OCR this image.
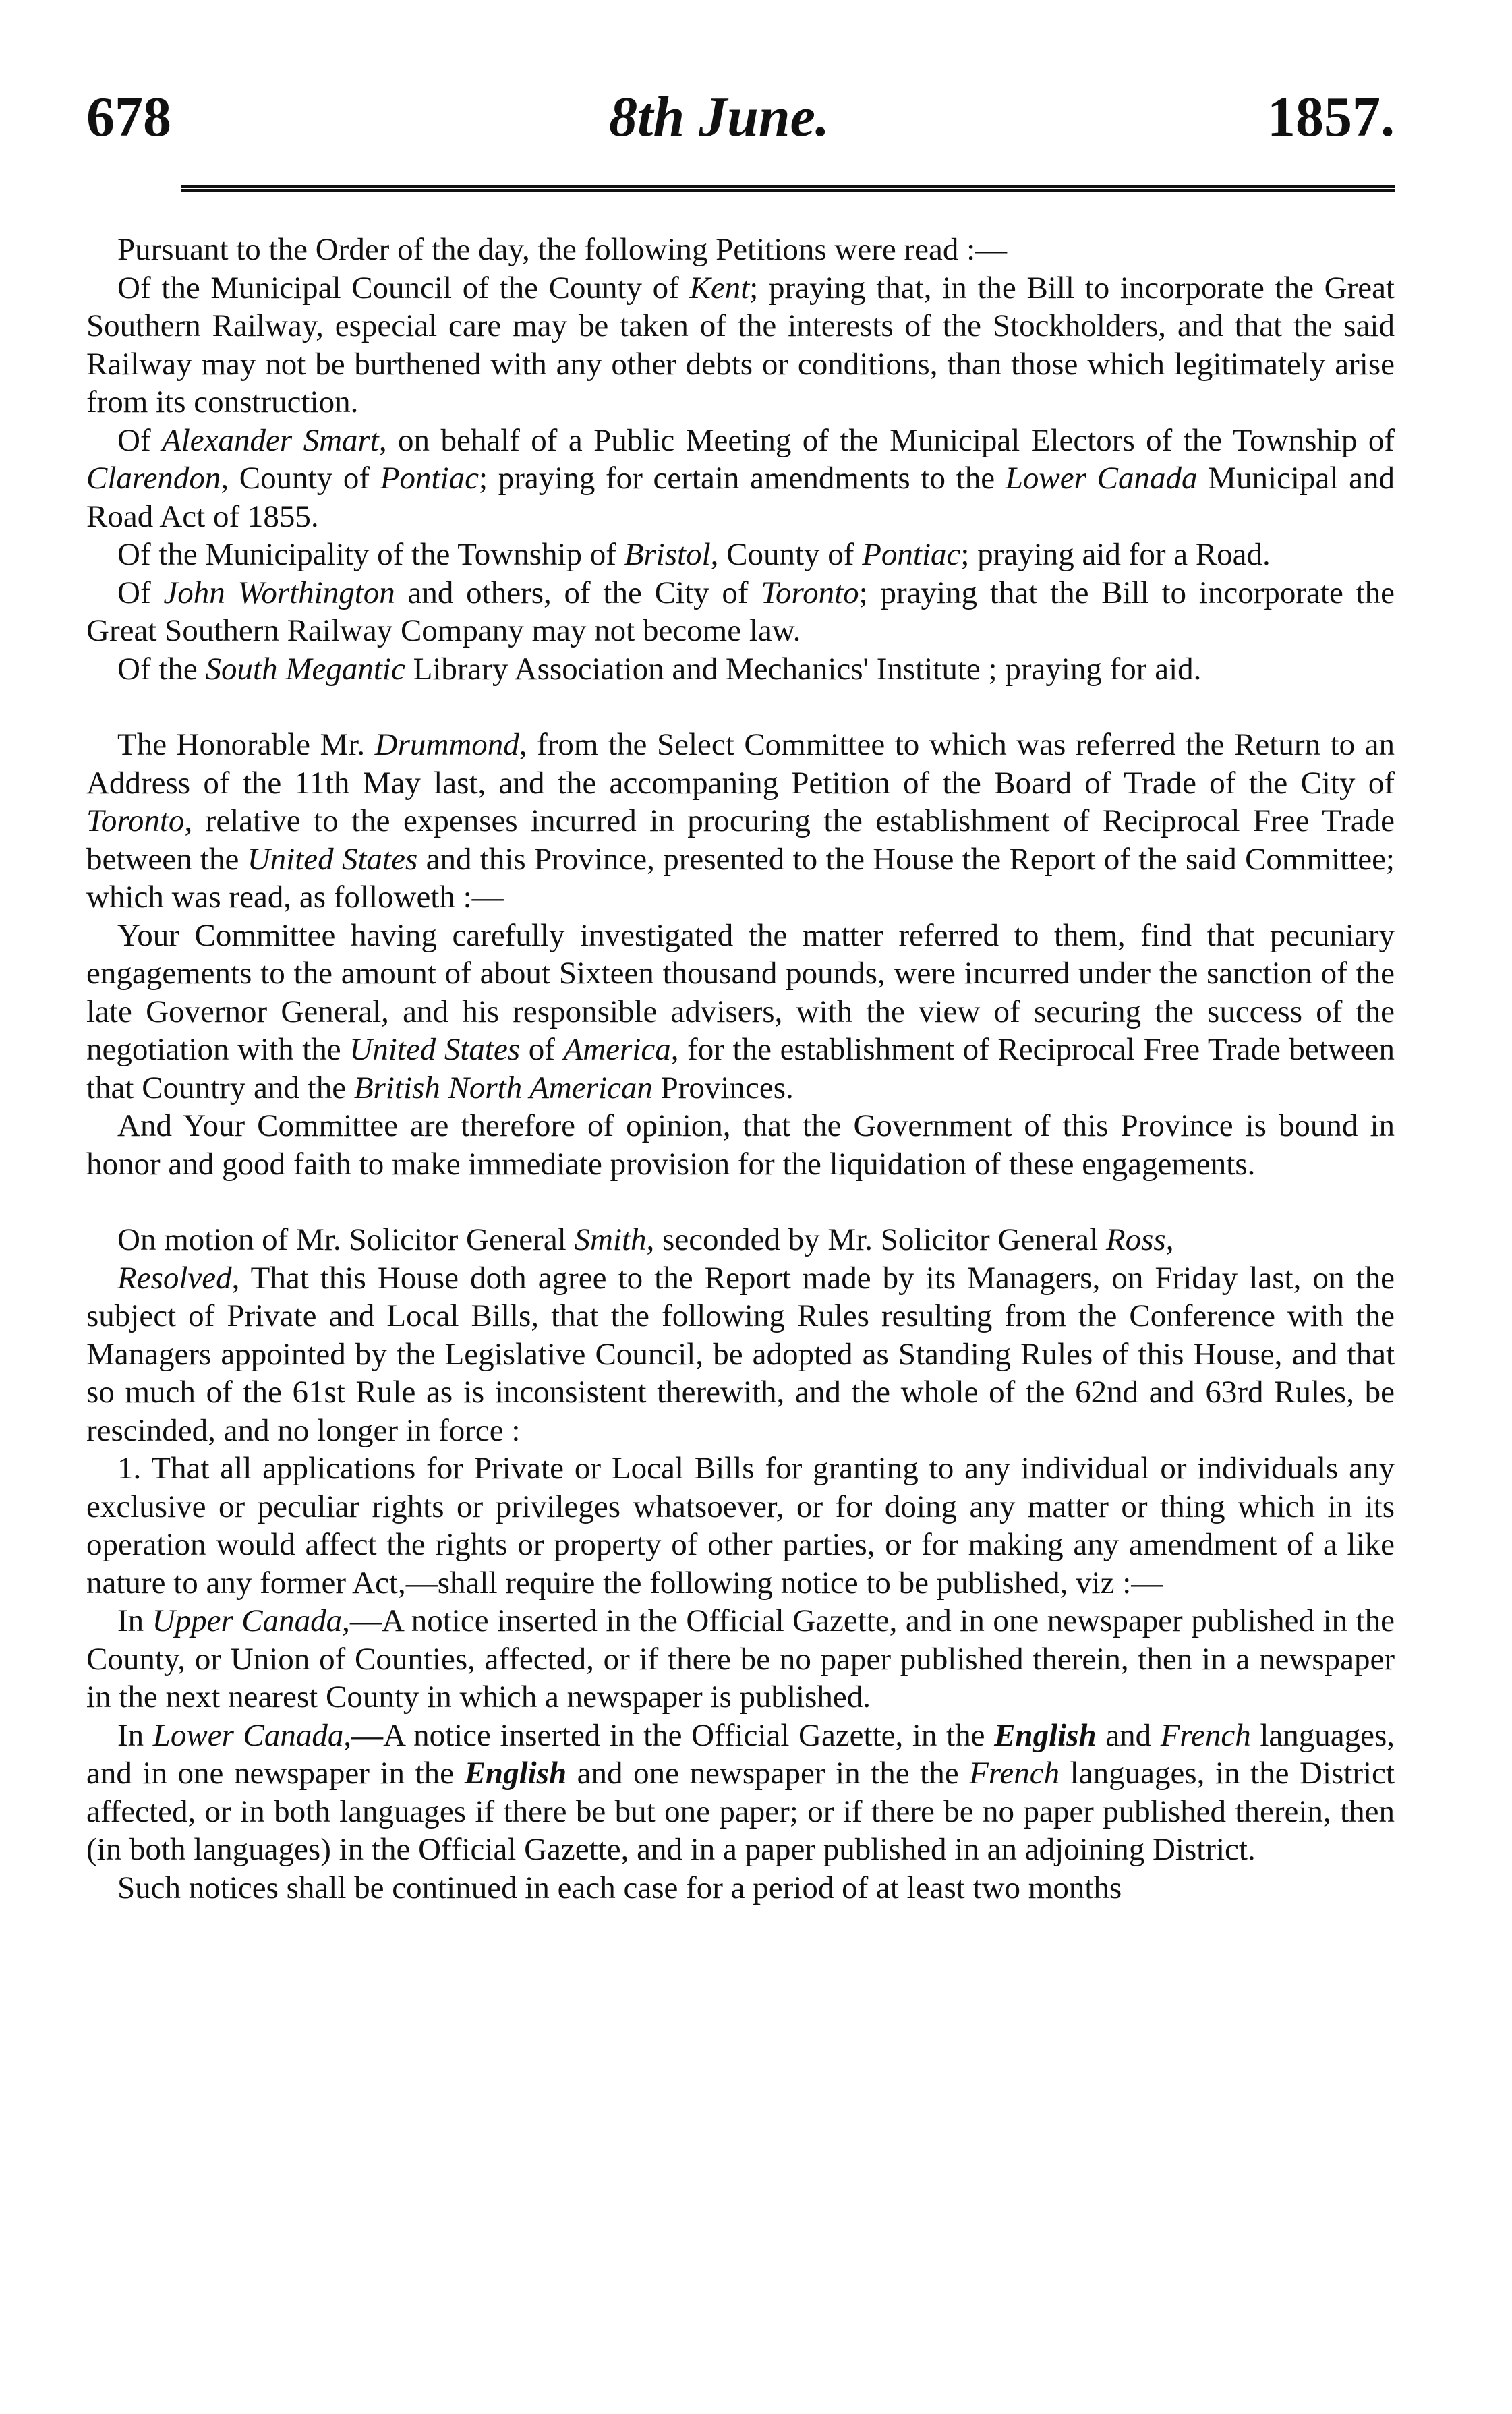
678	8th June.	1857.

Pursuant to the Order of the day, the following Petitions were read :—

Of the Municipal Council of the County of Kent; praying that, in the Bill to incorporate the Great Southern Railway, especial care may be taken of the interests of the Stockholders, and that the said Railway may not be burthened with any other debts or conditions, than those which legitimately arise from its construction.

Of Alexander Smart, on behalf of a Public Meeting of the Municipal Electors of the Township of Clarendon, County of Pontiac; praying for certain amendments to the Lower Canada Municipal and Road Act of 1855.

Of the Municipality of the Township of Bristol, County of Pontiac; praying aid for a Road.

Of John Worthington and others, of the City of Toronto; praying that the Bill to incorporate the Great Southern Railway Company may not become law.

Of the South Megantic Library Association and Mechanics' Institute ; praying for aid.

The Honorable Mr. Drummond, from the Select Committee to which was referred the Return to an Address of the 11th May last, and the accompaning Petition of the Board of Trade of the City of Toronto, relative to the expenses incurred in procuring the establishment of Reciprocal Free Trade between the United States and this Province, presented to the House the Report of the said Committee; which was read, as followeth :—

Your Committee having carefully investigated the matter referred to them, find that pecuniary engagements to the amount of about Sixteen thousand pounds, were incurred under the sanction of the late Governor General, and his responsible advisers, with the view of securing the success of the negotiation with the United States of America, for the establishment of Reciprocal Free Trade between that Country and the British North American Provinces.

And Your Committee are therefore of opinion, that the Government of this Province is bound in honor and good faith to make immediate provision for the liquidation of these engagements.

On motion of Mr. Solicitor General Smith, seconded by Mr. Solicitor General Ross,

Resolved, That this House doth agree to the Report made by its Managers, on Friday last, on the subject of Private and Local Bills, that the following Rules resulting from the Conference with the Managers appointed by the Legislative Council, be adopted as Standing Rules of this House, and that so much of the 61st Rule as is inconsistent therewith, and the whole of the 62nd and 63rd Rules, be rescinded, and no longer in force :

1. That all applications for Private or Local Bills for granting to any individual or individuals any exclusive or peculiar rights or privileges whatsoever, or for doing any matter or thing which in its operation would affect the rights or property of other parties, or for making any amendment of a like nature to any former Act,—shall require the following notice to be published, viz :—

In Upper Canada,—A notice inserted in the Official Gazette, and in one newspaper published in the County, or Union of Counties, affected, or if there be no paper published therein, then in a newspaper in the next nearest County in which a newspaper is published.

In Lower Canada,—A notice inserted in the Official Gazette, in the English and French languages, and in one newspaper in the English and one newspaper in the the French languages, in the District affected, or in both languages if there be but one paper; or if there be no paper published therein, then (in both languages) in the Official Gazette, and in a paper published in an adjoining District.

Such notices shall be continued in each case for a period of at least two months
